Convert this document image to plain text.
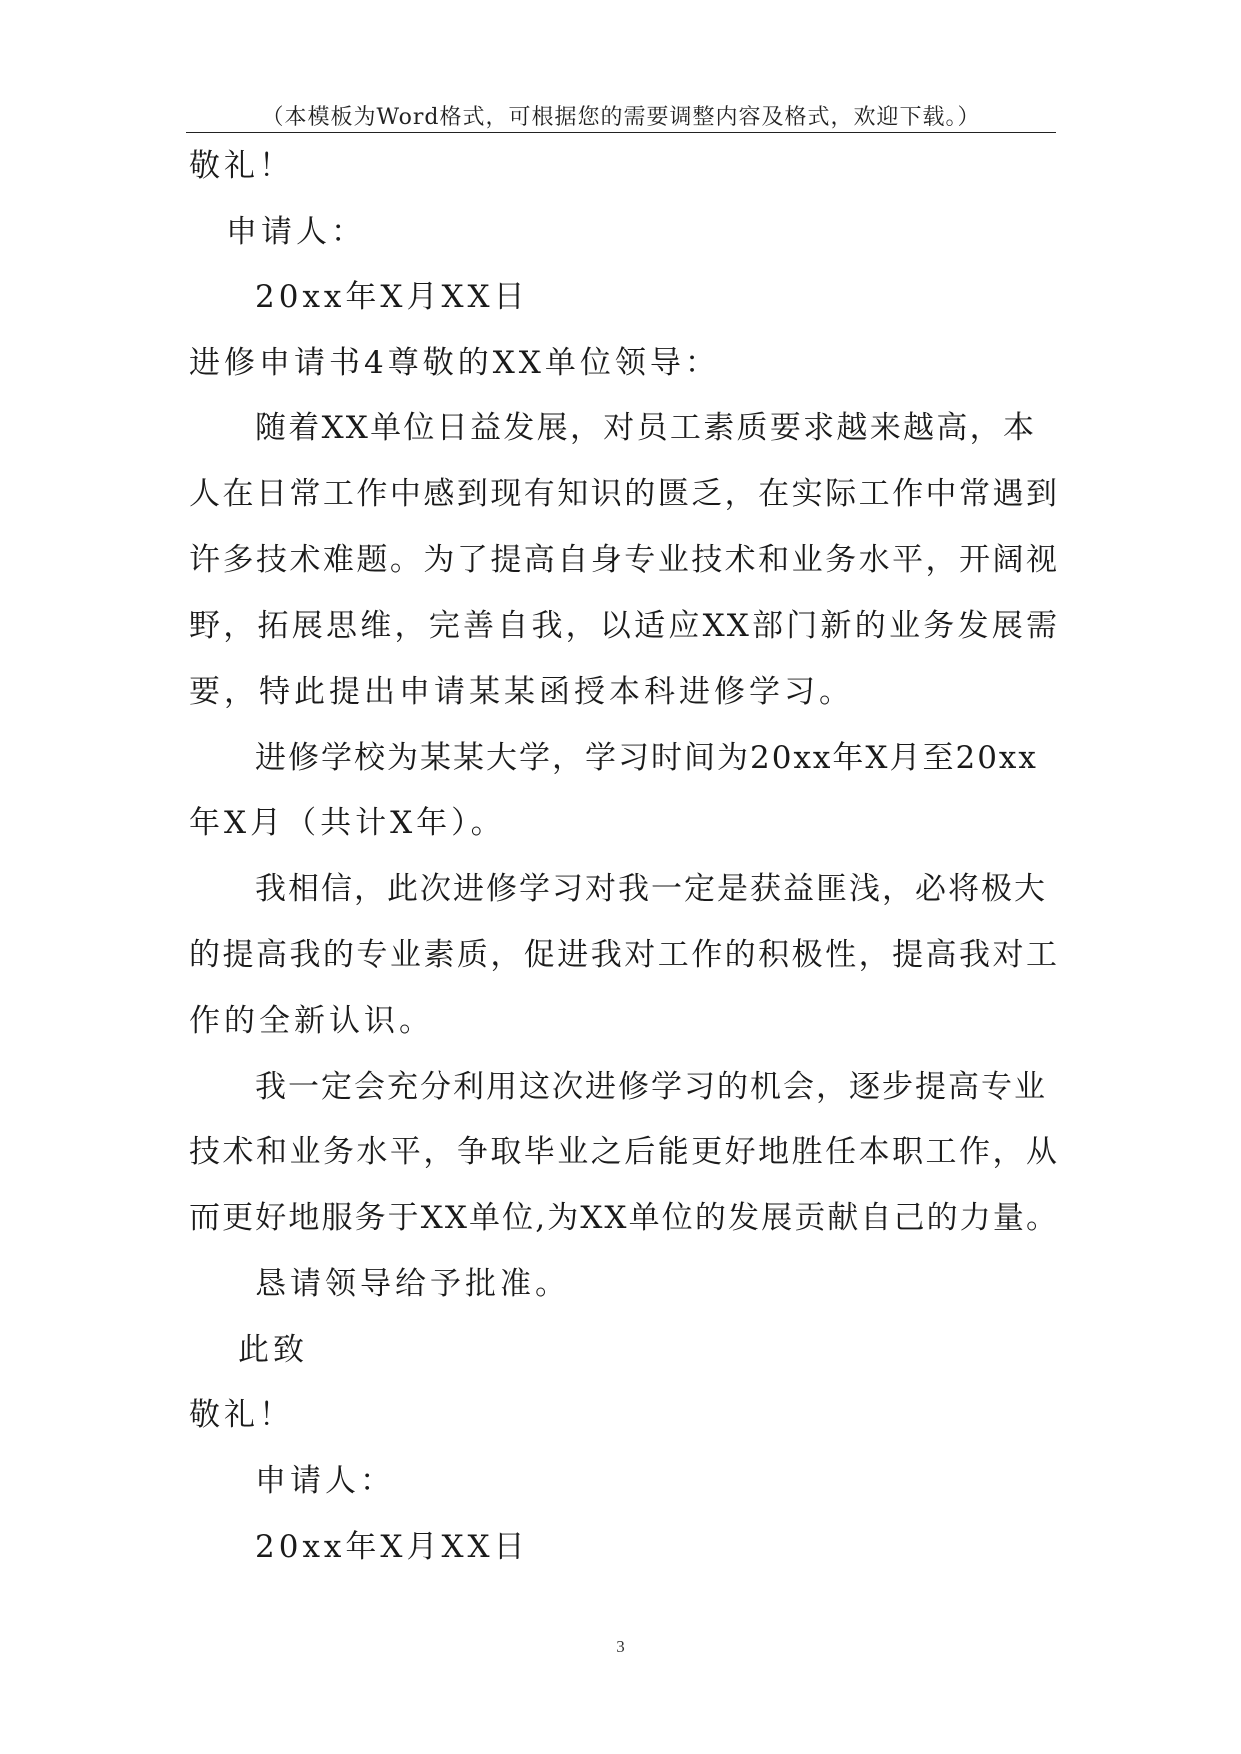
（本模板为Word格式，可根据您的需要调整内容及格式，欢迎下载。）
敬礼！
申请人：
20xx年X月XX日
进修申请书4尊敬的XX单位领导：
随着XX单位日益发展，对员工素质要求越来越高，本
人在日常工作中感到现有知识的匮乏，在实际工作中常遇到
许多技术难题。为了提高自身专业技术和业务水平，开阔视
野，拓展思维，完善自我，以适应XX部门新的业务发展需
要，特此提出申请某某函授本科进修学习。
进修学校为某某大学，学习时间为20xx年X月至20xx
年X月（共计X年）。
我相信，此次进修学习对我一定是获益匪浅，必将极大
的提高我的专业素质，促进我对工作的积极性，提高我对工
作的全新认识。
我一定会充分利用这次进修学习的机会，逐步提高专业
技术和业务水平，争取毕业之后能更好地胜任本职工作，从
而更好地服务于XX单位,为XX单位的发展贡献自己的力量。
恳请领导给予批准。
此致
敬礼！
申请人：
20xx年X月XX日
3
